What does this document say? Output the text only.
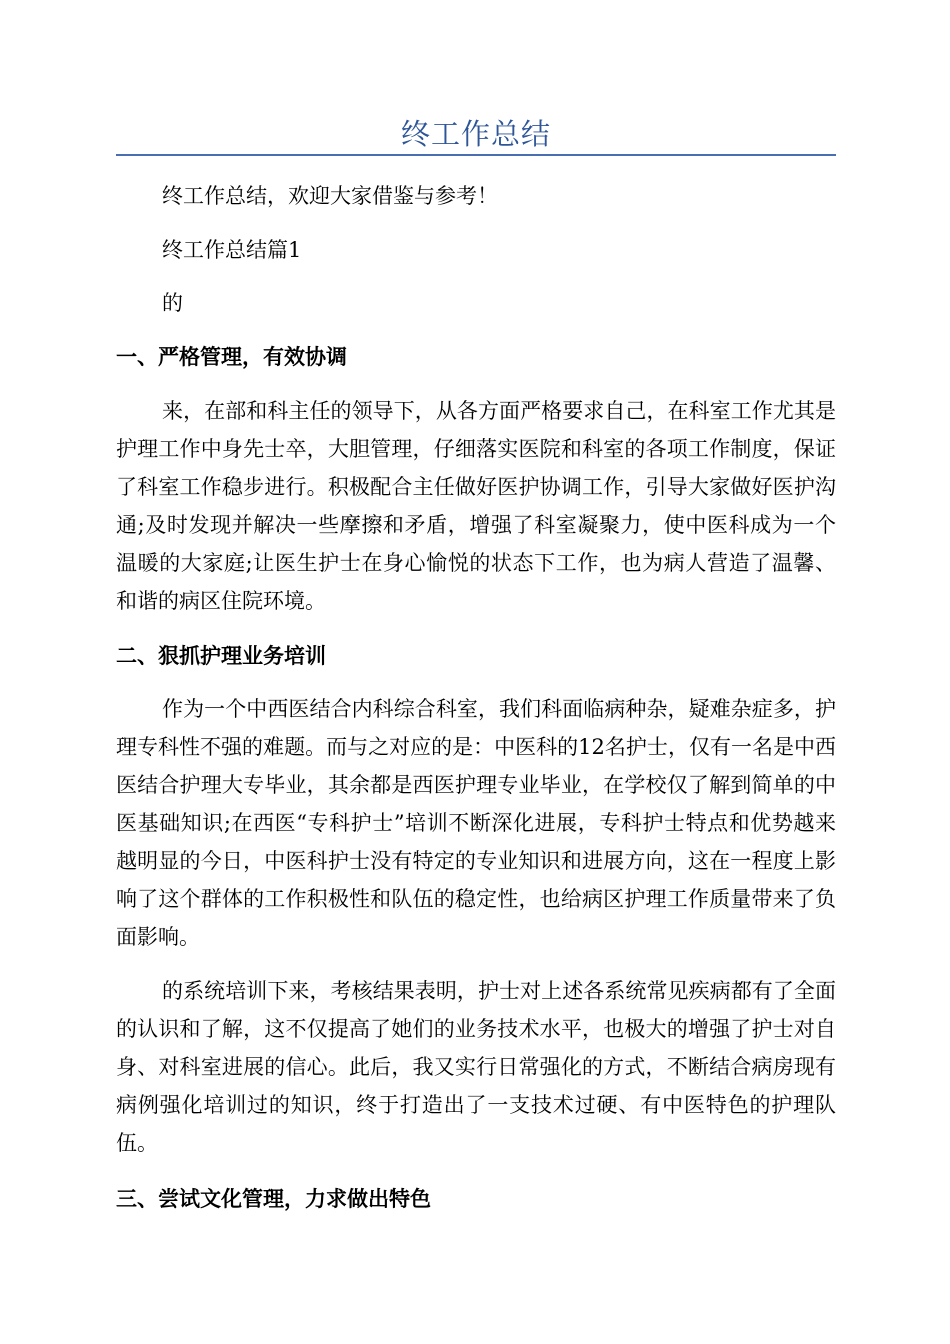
终工作总结

终工作总结，欢迎大家借鉴与参考！

终工作总结篇1

的

一、严格管理，有效协调

来，在部和科主任的领导下，从各方面严格要求自己，在科室工作尤其是护理工作中身先士卒，大胆管理，仔细落实医院和科室的各项工作制度，保证了科室工作稳步进行。积极配合主任做好医护协调工作，引导大家做好医护沟通;及时发现并解决一些摩擦和矛盾，增强了科室凝聚力，使中医科成为一个温暖的大家庭;让医生护士在身心愉悦的状态下工作，也为病人营造了温馨、和谐的病区住院环境。

二、狠抓护理业务培训

作为一个中西医结合内科综合科室，我们科面临病种杂，疑难杂症多，护理专科性不强的难题。而与之对应的是：中医科的12名护士，仅有一名是中西医结合护理大专毕业，其余都是西医护理专业毕业，在学校仅了解到简单的中医基础知识;在西医“专科护士”培训不断深化进展，专科护士特点和优势越来越明显的今日，中医科护士没有特定的专业知识和进展方向，这在一程度上影响了这个群体的工作积极性和队伍的稳定性，也给病区护理工作质量带来了负面影响。

的系统培训下来，考核结果表明，护士对上述各系统常见疾病都有了全面的认识和了解，这不仅提高了她们的业务技术水平，也极大的增强了护士对自身、对科室进展的信心。此后，我又实行日常强化的方式，不断结合病房现有病例强化培训过的知识，终于打造出了一支技术过硬、有中医特色的护理队伍。

三、尝试文化管理，力求做出特色
